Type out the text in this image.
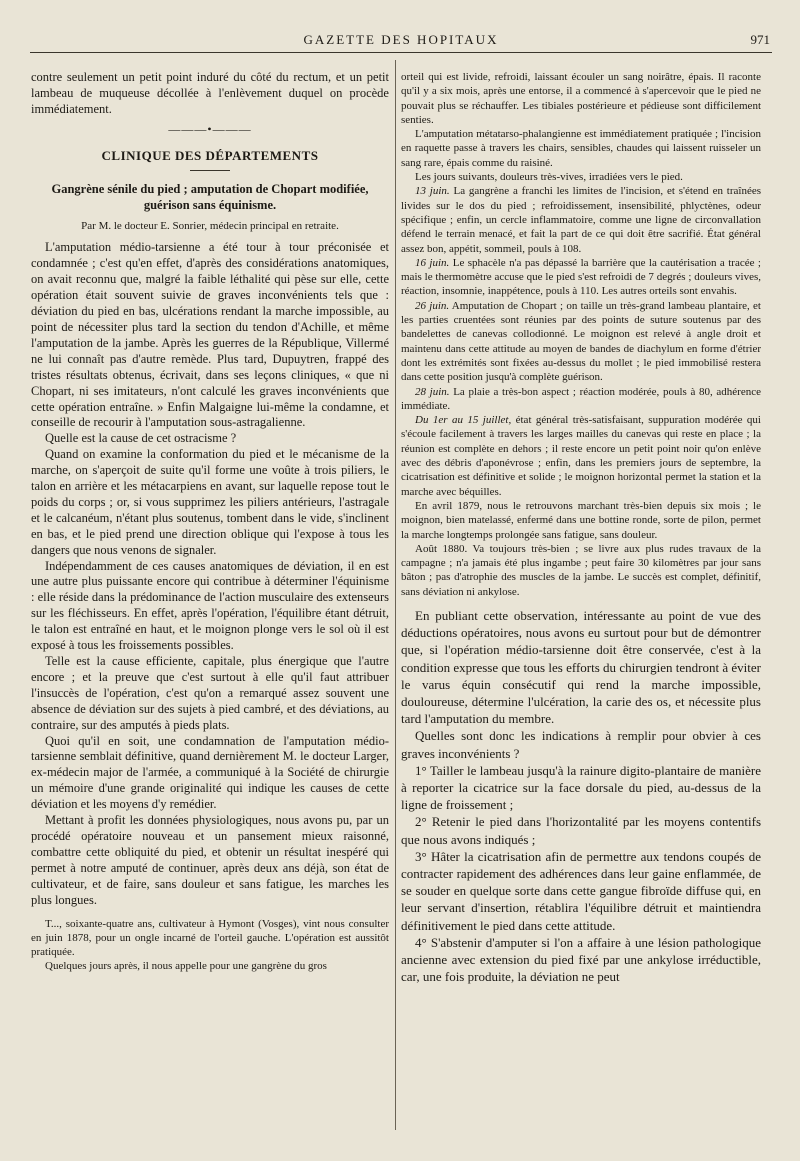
GAZETTE DES HOPITAUX	971

contre seulement un petit point induré du côté du rectum, et un petit lambeau de muqueuse décollée à l'enlèvement duquel on procède immédiatement.

———•———
CLINIQUE DES DÉPARTEMENTS
Gangrène sénile du pied ; amputation de Chopart modifiée, guérison sans équinisme.
Par M. le docteur E. Sonrier, médecin principal en retraite.

L'amputation médio-tarsienne a été tour à tour préconisée et condamnée ; c'est qu'en effet, d'après des considérations anatomiques, on avait reconnu que, malgré la faible léthalité qui pèse sur elle, cette opération était souvent suivie de graves inconvénients tels que : déviation du pied en bas, ulcérations rendant la marche impossible, au point de nécessiter plus tard la section du tendon d'Achille, et même l'amputation de la jambe. Après les guerres de la République, Villermé ne lui connaît pas d'autre remède. Plus tard, Dupuytren, frappé des tristes résultats obtenus, écrivait, dans ses leçons cliniques, « que ni Chopart, ni ses imitateurs, n'ont calculé les graves inconvénients que cette opération entraîne. » Enfin Malgaigne lui-même la condamne, et conseille de recourir à l'amputation sous-astragalienne.

Quelle est la cause de cet ostracisme ?

Quand on examine la conformation du pied et le mécanisme de la marche, on s'aperçoit de suite qu'il forme une voûte à trois piliers, le talon en arrière et les métacarpiens en avant, sur laquelle repose tout le poids du corps ; or, si vous supprimez les piliers antérieurs, l'astragale et le calcanéum, n'étant plus soutenus, tombent dans le vide, s'inclinent en bas, et le pied prend une direction oblique qui l'expose à tous les dangers que nous venons de signaler.

Indépendamment de ces causes anatomiques de déviation, il en est une autre plus puissante encore qui contribue à déterminer l'équinisme : elle réside dans la prédominance de l'action musculaire des extenseurs sur les fléchisseurs. En effet, après l'opération, l'équilibre étant détruit, le talon est entraîné en haut, et le moignon plonge vers le sol où il est exposé à tous les froissements possibles.

Telle est la cause efficiente, capitale, plus énergique que l'autre encore ; et la preuve que c'est surtout à elle qu'il faut attribuer l'insuccès de l'opération, c'est qu'on a remarqué assez souvent une absence de déviation sur des sujets à pied cambré, et des déviations, au contraire, sur des amputés à pieds plats.

Quoi qu'il en soit, une condamnation de l'amputation médio-tarsienne semblait définitive, quand dernièrement M. le docteur Larger, ex-médecin major de l'armée, a communiqué à la Société de chirurgie un mémoire d'une grande originalité qui indique les causes de cette déviation et les moyens d'y remédier.

Mettant à profit les données physiologiques, nous avons pu, par un procédé opératoire nouveau et un pansement mieux raisonné, combattre cette obliquité du pied, et obtenir un résultat inespéré qui permet à notre amputé de continuer, après deux ans déjà, son état de cultivateur, et de faire, sans douleur et sans fatigue, les marches les plus longues.

T..., soixante-quatre ans, cultivateur à Hymont (Vosges), vint nous consulter en juin 1878, pour un ongle incarné de l'orteil gauche. L'opération est aussitôt pratiquée.

Quelques jours après, il nous appelle pour une gangrène du gros

orteil qui est livide, refroidi, laissant écouler un sang noirâtre, épais. Il raconte qu'il y a six mois, après une entorse, il a commencé à s'apercevoir que le pied ne pouvait plus se réchauffer. Les tibiales postérieure et pédieuse sont difficilement senties.

L'amputation métatarso-phalangienne est immédiatement pratiquée ; l'incision en raquette passe à travers les chairs, sensibles, chaudes qui laissent ruisseler un sang rare, épais comme du raisiné.

Les jours suivants, douleurs très-vives, irradiées vers le pied.

13 juin. La gangrène a franchi les limites de l'incision, et s'étend en traînées livides sur le dos du pied ; refroidissement, insensibilité, phlyctènes, odeur spécifique ; enfin, un cercle inflammatoire, comme une ligne de circonvallation défend le terrain menacé, et fait la part de ce qui doit être sacrifié. État général assez bon, appétit, sommeil, pouls à 108.

16 juin. Le sphacèle n'a pas dépassé la barrière que la cautérisation a tracée ; mais le thermomètre accuse que le pied s'est refroidi de 7 degrés ; douleurs vives, réaction, insomnie, inappétence, pouls à 110. Les autres orteils sont envahis.

26 juin. Amputation de Chopart ; on taille un très-grand lambeau plantaire, et les parties cruentées sont réunies par des points de suture soutenus par des bandelettes de canevas collodionné. Le moignon est relevé à angle droit et maintenu dans cette attitude au moyen de bandes de diachylum en forme d'étrier dont les extrémités sont fixées au-dessus du mollet ; le pied immobilisé restera dans cette position jusqu'à complète guérison.

28 juin. La plaie a très-bon aspect ; réaction modérée, pouls à 80, adhérence immédiate.

Du 1er au 15 juillet, état général très-satisfaisant, suppuration modérée qui s'écoule facilement à travers les larges mailles du canevas qui reste en place ; la réunion est complète en dehors ; il reste encore un petit point noir qu'on enlève avec des débris d'aponévrose ; enfin, dans les premiers jours de septembre, la cicatrisation est définitive et solide ; le moignon horizontal permet la station et la marche avec béquilles.

En avril 1879, nous le retrouvons marchant très-bien depuis six mois ; le moignon, bien matelassé, enfermé dans une bottine ronde, sorte de pilon, permet la marche longtemps prolongée sans fatigue, sans douleur.

Août 1880. Va toujours très-bien ; se livre aux plus rudes travaux de la campagne ; n'a jamais été plus ingambe ; peut faire 30 kilomètres par jour sans bâton ; pas d'atrophie des muscles de la jambe. Le succès est complet, définitif, sans déviation ni ankylose.

En publiant cette observation, intéressante au point de vue des déductions opératoires, nous avons eu surtout pour but de démontrer que, si l'opération médio-tarsienne doit être conservée, c'est à la condition expresse que tous les efforts du chirurgien tendront à éviter le varus équin consécutif qui rend la marche impossible, douloureuse, détermine l'ulcération, la carie des os, et nécessite plus tard l'amputation du membre.

Quelles sont donc les indications à remplir pour obvier à ces graves inconvénients ?

1° Tailler le lambeau jusqu'à la rainure digito-plantaire de manière à reporter la cicatrice sur la face dorsale du pied, au-dessus de la ligne de froissement ;

2° Retenir le pied dans l'horizontalité par les moyens contentifs que nous avons indiqués ;

3° Hâter la cicatrisation afin de permettre aux tendons coupés de contracter rapidement des adhérences dans leur gaine enflammée, de se souder en quelque sorte dans cette gangue fibroïde diffuse qui, en leur servant d'insertion, rétablira l'équilibre détruit et maintiendra définitivement le pied dans cette attitude.

4° S'abstenir d'amputer si l'on a affaire à une lésion pathologique ancienne avec extension du pied fixé par une ankylose irréductible, car, une fois produite, la déviation ne peut
